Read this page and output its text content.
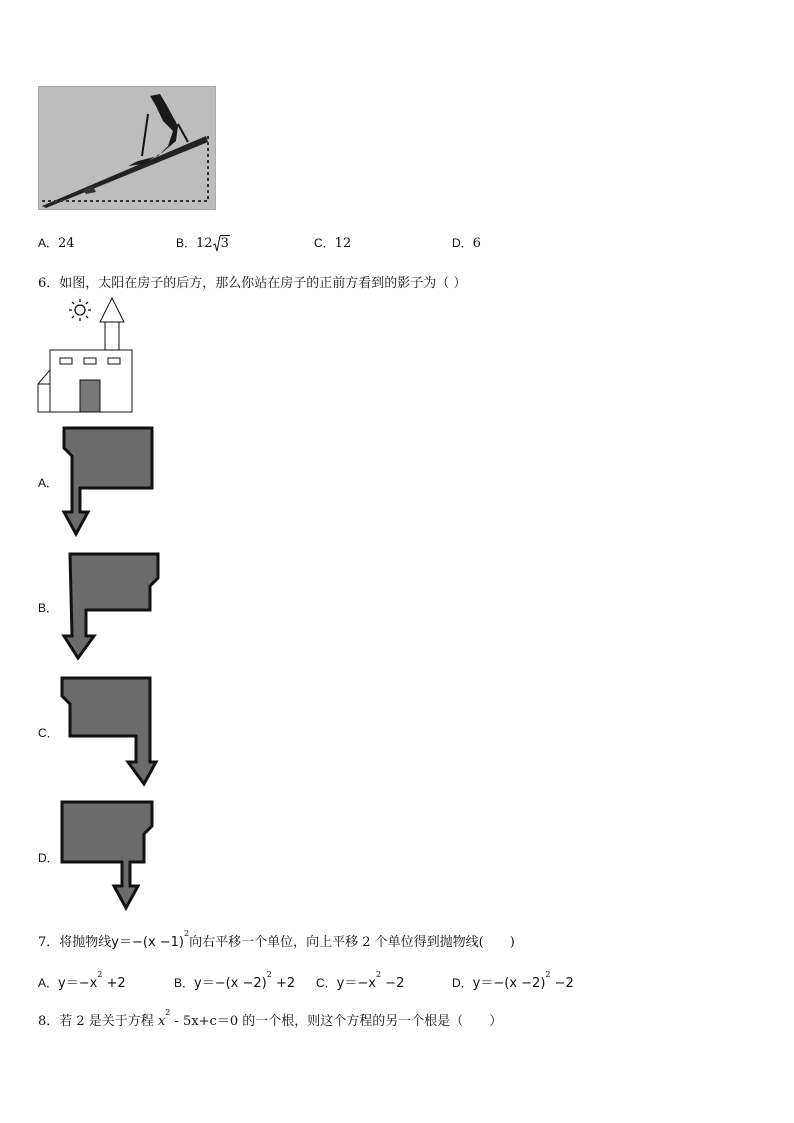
A．24	B．12 3	C．12	D．6
6．如图，太阳在房子的后方，那么你站在房子的正前方看到的影子为（ ）
A．
B．
C．
D．
7．将抛物线$y=-(x -1)^2$向右平移一个单位，向上平移 2 个单位得到抛物线(　　)
A．$y=-x^2 +2$	B．$y=-(x -2)^2 +2$ C．$y=-x^2 -2$	D．$y=-(x -2)^2 -2$
8．若 2 是关于方程 $x^2 - 5x+c=0$ 的一个根，则这个方程的另一个根是（　　）
